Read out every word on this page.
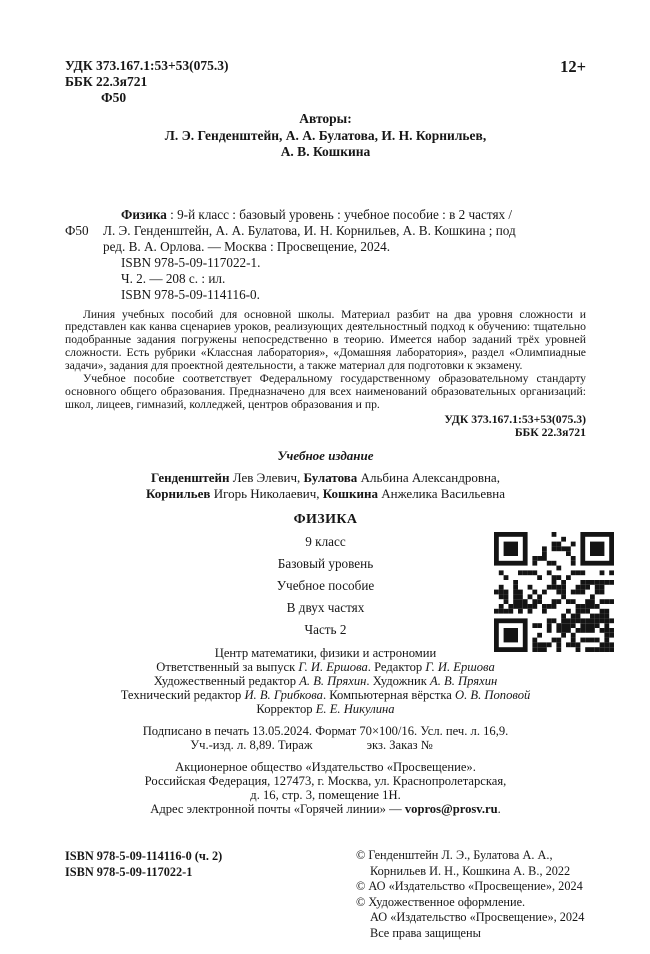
УДК 373.167.1:53+53(075.3)
ББК 22.3я721
Ф50
12+
Авторы:
Л. Э. Генденштейн, А. А. Булатова, И. Н. Корнильев,
А. В. Кошкина
Физика : 9-й класс : базовый уровень : учебное пособие : в 2 частях /
Ф50 Л. Э. Генденштейн, А. А. Булатова, И. Н. Корнильев, А. В. Кошкина ; под
ред. В. А. Орлова. — Москва : Просвещение, 2024.
ISBN 978-5-09-117022-1.
Ч. 2. — 208 с. : ил.
ISBN 978-5-09-114116-0.

Линия учебных пособий для основной школы. Материал разбит на два уровня сложности и представлен как канва сценариев уроков, реализующих деятельностный подход к обучению: тщательно подобранные задания погружены непосредственно в теорию. Имеется набор заданий трёх уровней сложности. Есть рубрики «Классная лаборатория», «Домашняя лаборатория», раздел «Олимпиадные задачи», задания для проектной деятельности, а также материал для подготовки к экзамену.

Учебное пособие соответствует Федеральному государственному образовательному стандарту основного общего образования. Предназначено для всех наименований образовательных организаций: школ, лицеев, гимназий, колледжей, центров образования и пр.

УДК 373.167.1:53+53(075.3)
ББК 22.3я721
Учебное издание
Генденштейн Лев Элевич, Булатова Альбина Александровна,
Корнильев Игорь Николаевич, Кошкина Анжелика Васильевна
ФИЗИКА
9 класс
Базовый уровень
Учебное пособие
В двух частях
Часть 2
Центр математики, физики и астрономии
Ответственный за выпуск Г. И. Ершова. Редактор Г. И. Ершова
Художественный редактор А. В. Пряхин. Художник А. В. Пряхин
Технический редактор И. В. Грибкова. Компьютерная вёрстка О. В. Поповой
Корректор Е. Е. Никулина
Подписано в печать 13.05.2024. Формат 70×100/16. Усл. печ. л. 16,9.
Уч.-изд. л. 8,89. Тираж	экз. Заказ №
Акционерное общество «Издательство «Просвещение».
Российская Федерация, 127473, г. Москва, ул. Краснопролетарская,
д. 16, стр. 3, помещение 1Н.
Адрес электронной почты «Горячей линии» — vopros@prosv.ru.
ISBN 978-5-09-114116-0 (ч. 2)
ISBN 978-5-09-117022-1
© Генденштейн Л. Э., Булатова А. А.,
Корнильев И. Н., Кошкина А. В., 2022
© АО «Издательство «Просвещение», 2024
© Художественное оформление.
АО «Издательство «Просвещение», 2024
Все права защищены
